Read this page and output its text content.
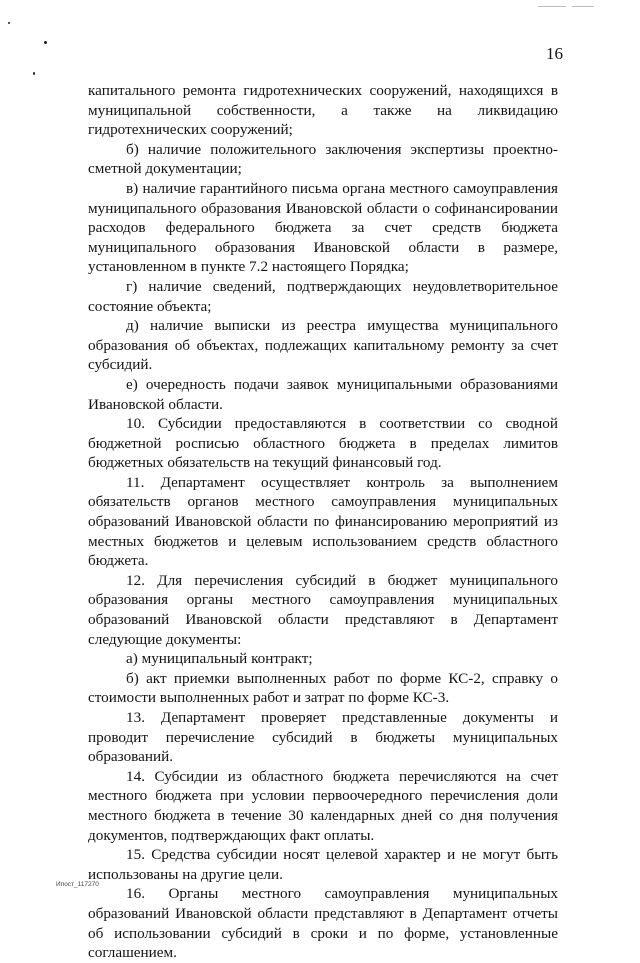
16

капитального ремонта гидротехнических сооружений, находящихся в муниципальной собственности, а также на ликвидацию гидротехнических сооружений;

б) наличие положительного заключения экспертизы проектно-сметной документации;

в) наличие гарантийного письма органа местного самоуправления муниципального образования Ивановской области о софинансировании расходов федерального бюджета за счет средств бюджета муниципального образования Ивановской области в размере, установленном в пункте 7.2 настоящего Порядка;

г) наличие сведений, подтверждающих неудовлетворительное состояние объекта;

д) наличие выписки из реестра имущества муниципального образования об объектах, подлежащих капитальному ремонту за счет субсидий.

е) очередность подачи заявок муниципальными образованиями Ивановской области.

10. Субсидии предоставляются в соответствии со сводной бюджетной росписью областного бюджета в пределах лимитов бюджетных обязательств на текущий финансовый год.

11. Департамент осуществляет контроль за выполнением обязательств органов местного самоуправления муниципальных образований Ивановской области по финансированию мероприятий из местных бюджетов и целевым использованием средств областного бюджета.

12. Для перечисления субсидий в бюджет муниципального образования органы местного самоуправления муниципальных образований Ивановской области представляют в Департамент следующие документы:

а) муниципальный контракт;

б) акт приемки выполненных работ по форме КС-2, справку о стоимости выполненных работ и затрат по форме КС-3.

13. Департамент проверяет представленные документы и проводит перечисление субсидий в бюджеты муниципальных образований.

14. Субсидии из областного бюджета перечисляются на счет местного бюджета при условии первоочередного перечисления доли местного бюджета в течение 30 календарных дней со дня получения документов, подтверждающих факт оплаты.

15. Средства субсидии носят целевой характер и не могут быть использованы на другие цели.

16. Органы местного самоуправления муниципальных образований Ивановской области представляют в Департамент отчеты об использовании субсидий в сроки и по форме, установленные соглашением.

Ипост_117270
